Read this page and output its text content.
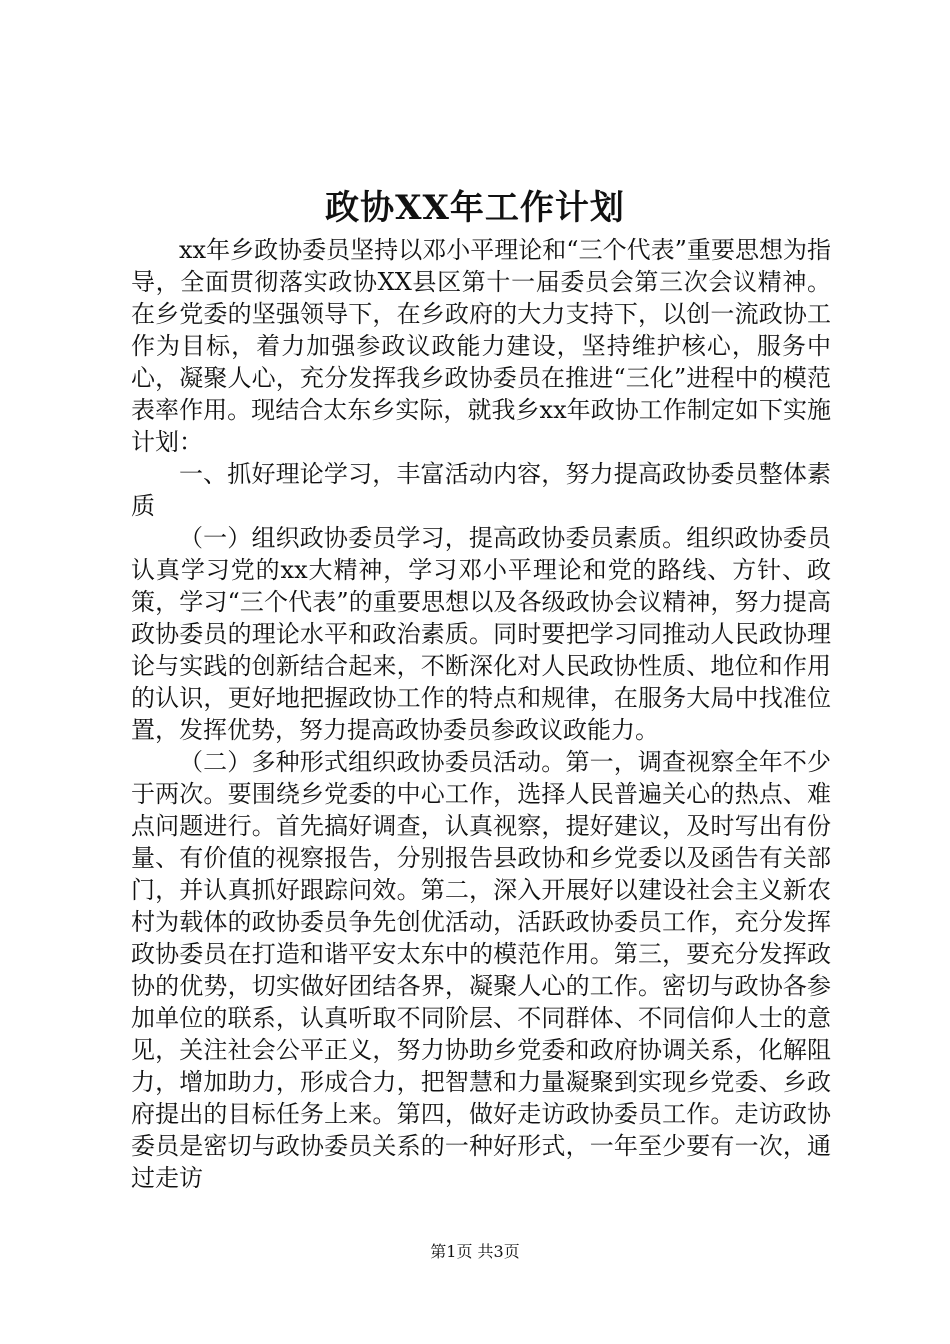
政协XX年工作计划

xx年乡政协委员坚持以邓小平理论和“三个代表”重要思想为指导，全面贯彻落实政协XX县区第十一届委员会第三次会议精神。在乡党委的坚强领导下，在乡政府的大力支持下，以创一流政协工作为目标，着力加强参政议政能力建设，坚持维护核心，服务中心，凝聚人心，充分发挥我乡政协委员在推进“三化”进程中的模范表率作用。现结合太东乡实际，就我乡xx年政协工作制定如下实施计划：

一、抓好理论学习，丰富活动内容，努力提高政协委员整体素质

（一）组织政协委员学习，提高政协委员素质。组织政协委员认真学习党的xx大精神，学习邓小平理论和党的路线、方针、政策，学习“三个代表”的重要思想以及各级政协会议精神，努力提高政协委员的理论水平和政治素质。同时要把学习同推动人民政协理论与实践的创新结合起来，不断深化对人民政协性质、地位和作用的认识，更好地把握政协工作的特点和规律，在服务大局中找准位置，发挥优势，努力提高政协委员参政议政能力。

（二）多种形式组织政协委员活动。第一，调查视察全年不少于两次。要围绕乡党委的中心工作，选择人民普遍关心的热点、难点问题进行。首先搞好调查，认真视察，提好建议，及时写出有份量、有价值的视察报告，分别报告县政协和乡党委以及函告有关部门，并认真抓好跟踪问效。第二，深入开展好以建设社会主义新农村为载体的政协委员争先创优活动，活跃政协委员工作，充分发挥政协委员在打造和谐平安太东中的模范作用。第三，要充分发挥政协的优势，切实做好团结各界，凝聚人心的工作。密切与政协各参加单位的联系，认真听取不同阶层、不同群体、不同信仰人士的意见，关注社会公平正义，努力协助乡党委和政府协调关系，化解阻力，增加助力，形成合力，把智慧和力量凝聚到实现乡党委、乡政府提出的目标任务上来。第四，做好走访政协委员工作。走访政协委员是密切与政协委员关系的一种好形式，一年至少要有一次，通过走访

第1页 共3页
